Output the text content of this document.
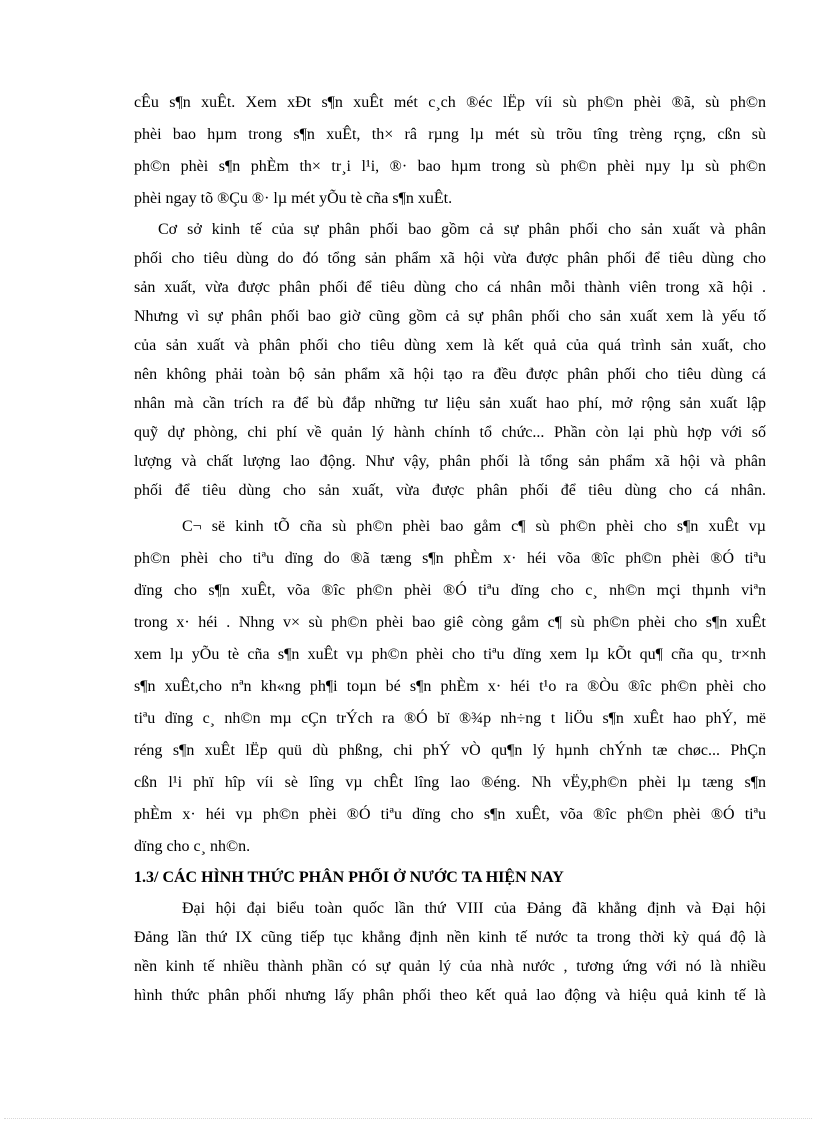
cÊu s¶n xuÊt. Xem xÐt s¶n xuÊt mét c¸ch ®éc lËp víi sù ph©n phèi ®ã, sù ph©n
phèi bao hµm trong s¶n xuÊt, th× râ rµng lµ mét sù trõu tîng trèng rçng, cßn sù
ph©n phèi s¶n phÈm th× tr¸i l¹i, ®· bao hµm trong sù ph©n phèi nµy lµ sù ph©n
phèi ngay tõ ®Çu ®· lµ mét yÕu tè cña s¶n xuÊt.
Cơ sở kinh tế của sự phân phối bao gồm cả sự phân phối cho sản xuất và phân
phối cho tiêu dùng do đó tổng sản phẩm xã hội vừa được phân phối để tiêu dùng cho
sản xuất, vừa được phân phối để tiêu dùng cho cá nhân mỗi thành viên trong xã hội .
Nhưng vì sự phân phối bao giờ cũng gồm cả sự phân phối cho sản xuất xem là yếu tố
của sản xuất và phân phối cho tiêu dùng xem là kết quả của quá trình sản xuất, cho
nên không phải toàn bộ sản phẩm xã hội tạo ra đều được phân phối cho tiêu dùng cá
nhân mà cần trích ra để bù đắp những tư liệu sản xuất hao phí, mở rộng sản xuất lập
quỹ dự phòng, chi phí về quản lý hành chính tổ chức... Phần còn lại phù hợp với số
lượng và chất lượng lao động. Như vậy, phân phối là tổng sản phẩm xã hội và phân
phối để tiêu dùng cho sản xuất, vừa được phân phối để tiêu dùng cho cá nhân.
C¬ së kinh tÕ cña sù ph©n phèi bao gåm c¶ sù ph©n phèi cho s¶n xuÊt vµ
ph©n phèi cho tiªu dïng do ®ã tæng s¶n phÈm x· héi võa ®îc ph©n phèi ®Ó tiªu
dïng cho s¶n xuÊt, võa ®îc ph©n phèi ®Ó tiªu dïng cho c¸ nh©n mçi thµnh viªn
trong x· héi . Nhng v× sù ph©n phèi bao giê còng gåm c¶ sù ph©n phèi cho s¶n xuÊt
xem lµ yÕu tè cña s¶n xuÊt vµ ph©n phèi cho tiªu dïng xem lµ kÕt qu¶ cña qu¸ tr×nh
s¶n xuÊt,cho nªn kh«ng ph¶i toµn bé s¶n phÈm x· héi t¹o ra ®Òu ®îc ph©n phèi cho
tiªu dïng c¸ nh©n mµ cÇn trÝch ra ®Ó bï ®¾p nh÷ng t liÖu s¶n xuÊt hao phÝ, më
réng s¶n xuÊt lËp quü dù phßng, chi phÝ vÒ qu¶n lý hµnh chÝnh tæ chøc... PhÇn
cßn l¹i phï hîp víi sè lîng vµ chÊt lîng lao ®éng. Nh vËy,ph©n phèi lµ tæng s¶n
phÈm x· héi vµ ph©n phèi ®Ó tiªu dïng cho s¶n xuÊt, võa ®îc ph©n phèi ®Ó tiªu
dïng cho c¸ nh©n.
1.3/ CÁC HÌNH THỨC PHÂN PHỐI Ở NƯỚC TA HIỆN NAY
Đại hội đại biểu toàn quốc lần thứ VIII của Đảng đã khẳng định và Đại hội
Đảng lần thứ IX cũng tiếp tục khẳng định nền kinh tế nước ta trong thời kỳ quá độ là
nền kinh tế nhiều thành phần có sự quản lý của nhà nước , tương ứng với nó là nhiều
hình thức phân phối nhưng lấy phân phối theo kết quả lao động và hiệu quả kinh tế là
